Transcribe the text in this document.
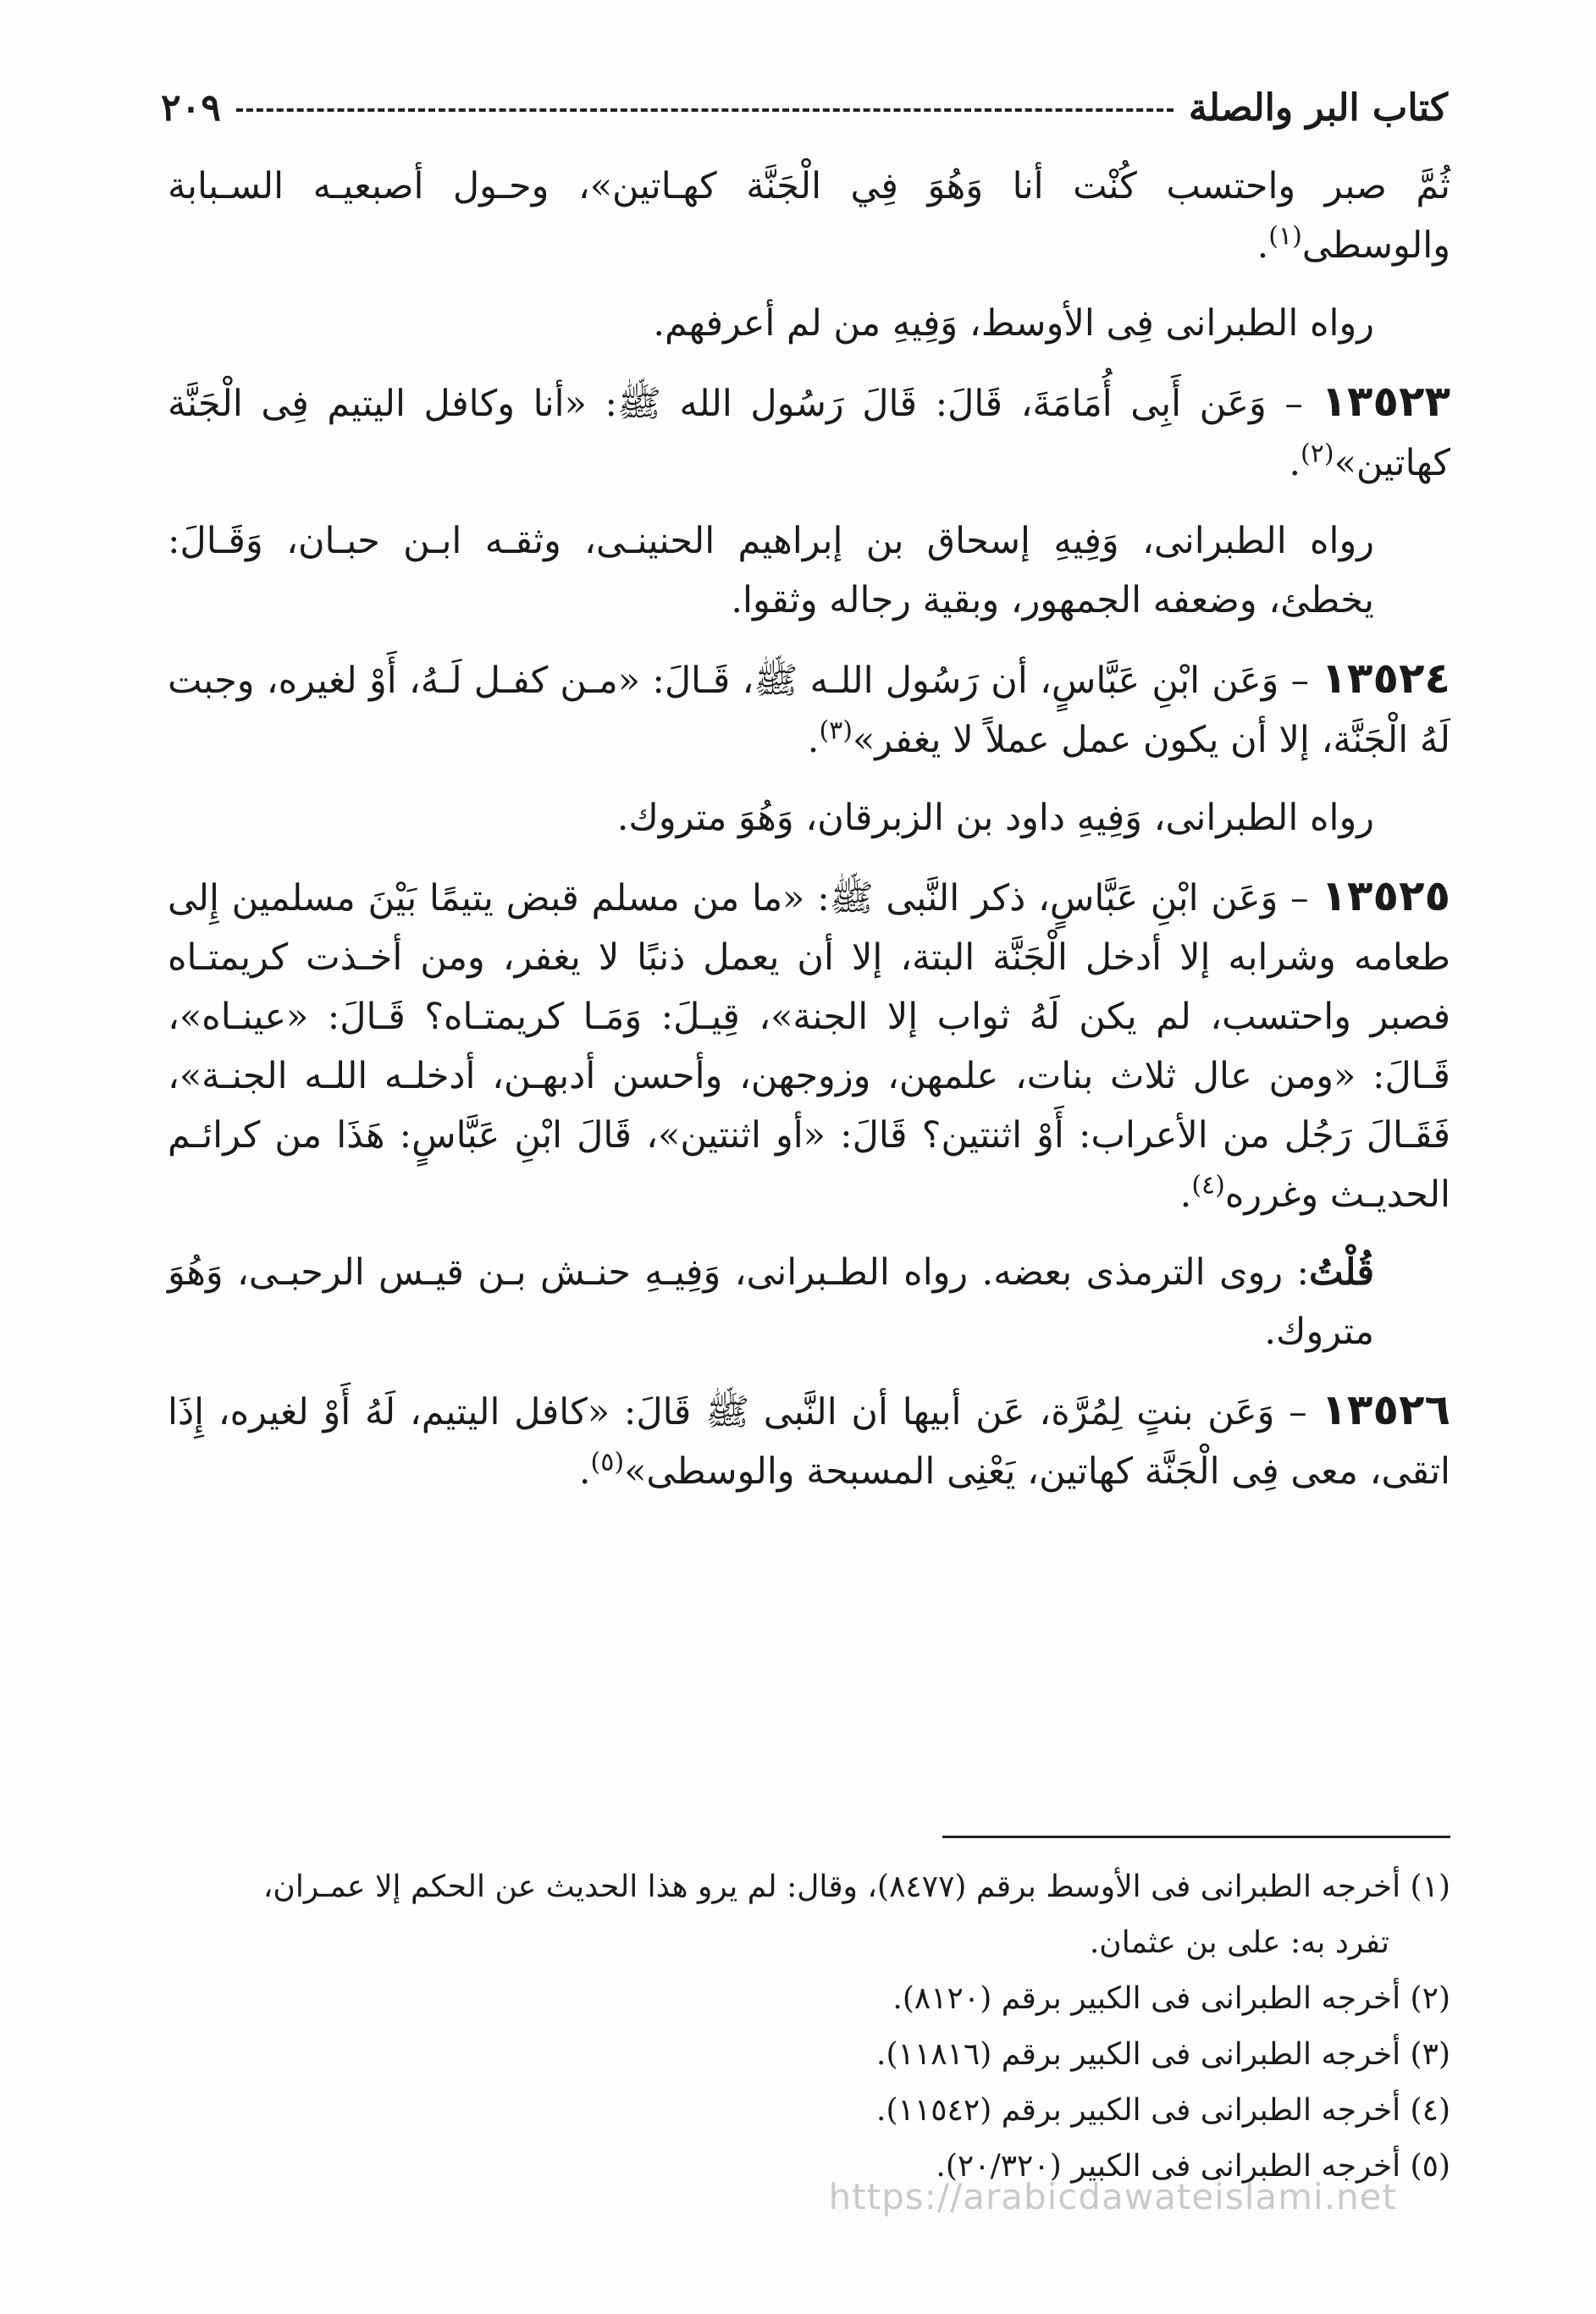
كتاب البر والصلة
٢٠٩

ثُمَّ صبر واحتسب كُنْت أنا وَهُوَ فِي الْجَنَّة كهـاتين»، وحـول أصبعيـه السـبابة والوسطى$^{(١)}$.

رواه الطبرانى فِى الأوسط، وَفِيهِ من لم أعرفهم.

١٣٥٢٣ – وَعَن أَبِى أُمَامَةَ، قَالَ: قَالَ رَسُول الله ﷺ: «أنا وكافل اليتيم فِى الْجَنَّة كهاتين»$^{(٢)}$.

رواه الطبرانى، وَفِيهِ إسحاق بن إبراهيم الحنينـى، وثقـه ابـن حبـان، وَقَـالَ: يخطئ، وضعفه الجمهور، وبقية رجاله وثقوا.

١٣٥٢٤ – وَعَن ابْنِ عَبَّاسٍ، أن رَسُول اللـه ﷺ، قَـالَ: «مـن كفـل لَـهُ، أَوْ لغيره، وجبت لَهُ الْجَنَّة، إلا أن يكون عمل عملاً لا يغفر»$^{(٣)}$.

رواه الطبرانى، وَفِيهِ داود بن الزبرقان، وَهُوَ متروك.

١٣٥٢٥ – وَعَن ابْنِ عَبَّاسٍ، ذكر النَّبى ﷺ: «ما من مسلم قبض يتيمًا بَيْنَ مسلمين إِلى طعامه وشرابه إلا أدخل الْجَنَّة البتة، إلا أن يعمل ذنبًا لا يغفر، ومن أخـذت كريمتـاه فصبر واحتسب، لم يكن لَهُ ثواب إلا الجنة»، قِيـلَ: وَمَـا كريمتـاه؟ قَـالَ: «عينـاه»، قَـالَ: «ومن عال ثلاث بنات، علمهن، وزوجهن، وأحسن أدبهـن، أدخلـه اللـه الجنـة»، فَقَـالَ رَجُل من الأعراب: أَوْ اثنتين؟ قَالَ: «أو اثنتين»، قَالَ ابْنِ عَبَّاسٍ: هَذَا من كرائـم الحديـث وغرره$^{(٤)}$.

قُلْتُ: روى الترمذى بعضه. رواه الطـبرانى، وَفِيـهِ حنـش بـن قيـس الرحبـى، وَهُوَ متروك.

١٣٥٢٦ – وَعَن بنتٍ لِمُرَّة، عَن أبيها أن النَّبى ﷺ قَالَ: «كافل اليتيم، لَهُ أَوْ لغيره، إِذَا اتقى، معى فِى الْجَنَّة كهاتين، يَعْنِى المسبحة والوسطى»$^{(٥)}$.

(١) أخرجه الطبرانى فى الأوسط برقم (٨٤٧٧)، وقال: لم يرو هذا الحديث عن الحكم إلا عمـران،
تفرد به: على بن عثمان.
(٢) أخرجه الطبرانى فى الكبير برقم (٨١٢٠).
(٣) أخرجه الطبرانى فى الكبير برقم (١١٨١٦).
(٤) أخرجه الطبرانى فى الكبير برقم (١١٥٤٢).
(٥) أخرجه الطبرانى فى الكبير (٢٠/٣٢٠).
https://arabicdawateislami.net
